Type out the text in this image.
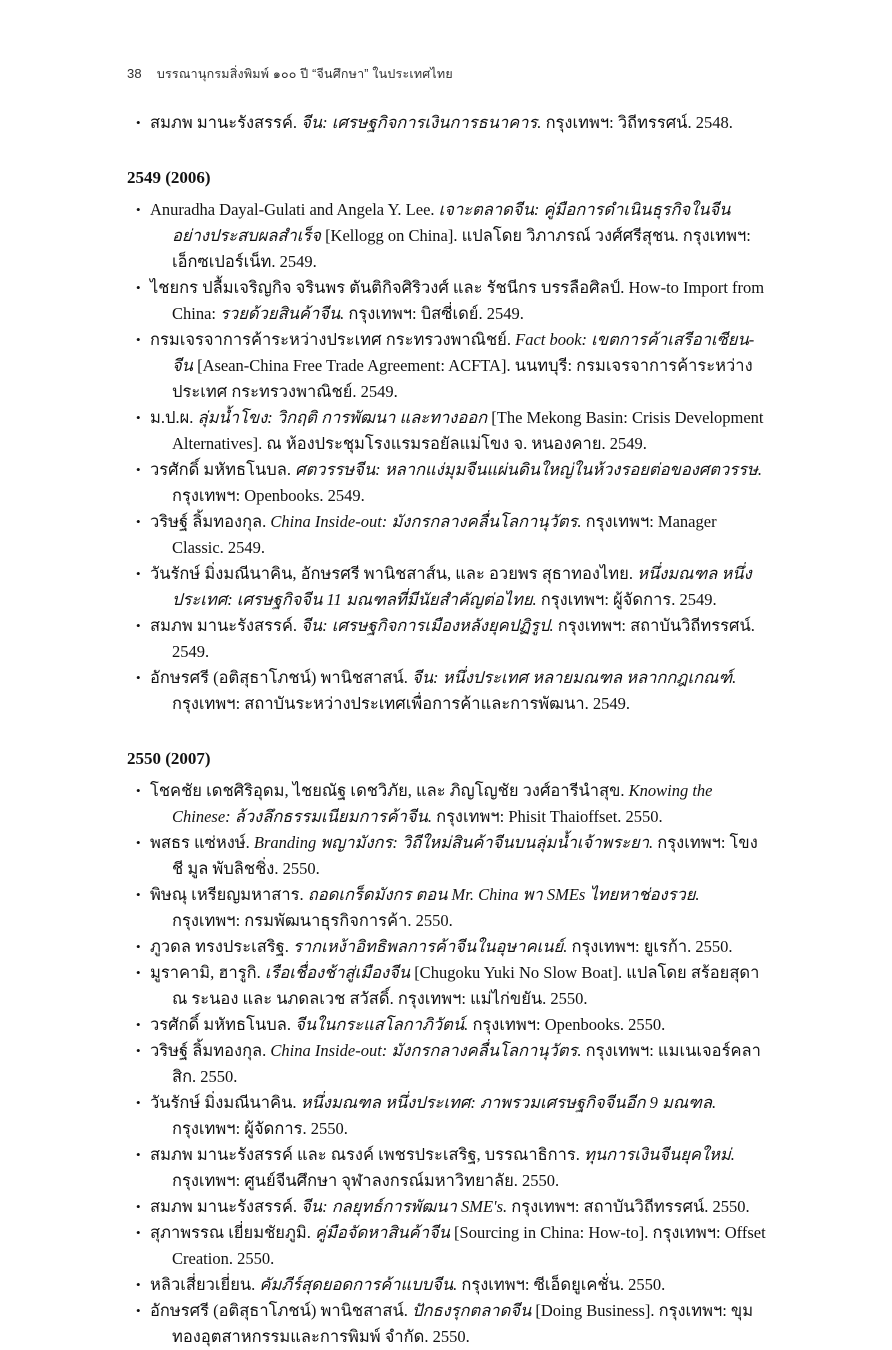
38 บรรณานุกรมสิ่งพิมพ์ ๑๐๐ ปี “จีนศึกษา” ในประเทศไทย
• สมภพ มานะรังสรรค์. จีน: เศรษฐกิจการเงินการธนาคาร. กรุงเทพฯ: วิถีทรรศน์. 2548.
2549 (2006)
• Anuradha Dayal-Gulati and Angela Y. Lee. เจาะตลาดจีน: คู่มือการดำเนินธุรกิจในจีนอย่างประสบผลสำเร็จ [Kellogg on China]. แปลโดย วิภาภรณ์ วงศ์ศรีสุชน. กรุงเทพฯ: เอ็กซเปอร์เน็ท. 2549.
• ไชยกร ปลื้มเจริญกิจ จรินพร ตันติกิจศิริวงศ์ และ รัชนีกร บรรลือศิลป์. How-to Import from China: รวยด้วยสินค้าจีน. กรุงเทพฯ: บิสซี่เดย์. 2549.
• กรมเจรจาการค้าระหว่างประเทศ กระทรวงพาณิชย์. Fact book: เขตการค้าเสรีอาเซียน-จีน [Asean-China Free Trade Agreement: ACFTA]. นนทบุรี: กรมเจรจาการค้าระหว่างประเทศ กระทรวงพาณิชย์. 2549.
• ม.ป.ผ. ลุ่มน้ำโขง: วิกฤติ การพัฒนา และทางออก [The Mekong Basin: Crisis Development Alternatives]. ณ ห้องประชุมโรงแรมรอยัลแม่โขง จ. หนองคาย. 2549.
• วรศักดิ์ มหัทธโนบล. ศตวรรษจีน: หลากแง่มุมจีนแผ่นดินใหญ่ในห้วงรอยต่อของศตวรรษ. กรุงเทพฯ: Openbooks. 2549.
• วริษฐ์ ลิ้มทองกุล. China Inside-out: มังกรกลางคลื่นโลกานุวัตร. กรุงเทพฯ: Manager Classic. 2549.
• วันรักษ์ มิ่งมณีนาคิน, อักษรศรี พานิชสาส์น, และ อวยพร สุธาทองไทย. หนึ่งมณฑล หนึ่งประเทศ: เศรษฐกิจจีน 11 มณฑลที่มีนัยสำคัญต่อไทย. กรุงเทพฯ: ผู้จัดการ. 2549.
• สมภพ มานะรังสรรค์. จีน: เศรษฐกิจการเมืองหลังยุคปฏิรูป. กรุงเทพฯ: สถาบันวิถีทรรศน์. 2549.
• อักษรศรี (อติสุธาโภชน์) พานิชสาสน์. จีน: หนึ่งประเทศ หลายมณฑล หลากกฎเกณฑ์. กรุงเทพฯ: สถาบันระหว่างประเทศเพื่อการค้าและการพัฒนา. 2549.
2550 (2007)
• โชคชัย เดชศิริอุดม, ไชยณัฐ เดชวิภัย, และ ภิญโญชัย วงศ์อารีนำสุข. Knowing the Chinese: ล้วงลึกธรรมเนียมการค้าจีน. กรุงเทพฯ: Phisit Thaioffset. 2550.
• พสธร แซ่หงษ์. Branding พญามังกร: วิถีใหม่สินค้าจีนบนลุ่มน้ำเจ้าพระยา. กรุงเทพฯ: โขง ชี มูล พับลิชชิ่ง. 2550.
• พิษณุ เหรียญมหาสาร. ถอดเกร็ดมังกร ตอน Mr. China พา SMEs ไทยหาช่องรวย. กรุงเทพฯ: กรมพัฒนาธุรกิจการค้า. 2550.
• ภูวดล ทรงประเสริฐ. รากเหง้าอิทธิพลการค้าจีนในอุษาคเนย์. กรุงเทพฯ: ยูเรก้า. 2550.
• มูราคามิ, ฮารูกิ. เรือเชื่องช้าสู่เมืองจีน [Chugoku Yuki No Slow Boat]. แปลโดย สร้อยสุดา ณ ระนอง และ นภดลเวช สวัสดิ์. กรุงเทพฯ: แม่ไก่ขยัน. 2550.
• วรศักดิ์ มหัทธโนบล. จีนในกระแสโลกาภิวัตน์. กรุงเทพฯ: Openbooks. 2550.
• วริษฐ์ ลิ้มทองกุล. China Inside-out: มังกรกลางคลื่นโลกานุวัตร. กรุงเทพฯ: แมเนเจอร์คลาสิก. 2550.
• วันรักษ์ มิ่งมณีนาคิน. หนึ่งมณฑล หนึ่งประเทศ: ภาพรวมเศรษฐกิจจีนอีก 9 มณฑล. กรุงเทพฯ: ผู้จัดการ. 2550.
• สมภพ มานะรังสรรค์ และ ณรงค์ เพชรประเสริฐ, บรรณาธิการ. ทุนการเงินจีนยุคใหม่. กรุงเทพฯ: ศูนย์จีนศึกษา จุฬาลงกรณ์มหาวิทยาลัย. 2550.
• สมภพ มานะรังสรรค์. จีน: กลยุทธ์การพัฒนา SME's. กรุงเทพฯ: สถาบันวิถีทรรศน์. 2550.
• สุภาพรรณ เยี่ยมชัยภูมิ. คู่มือจัดหาสินค้าจีน [Sourcing in China: How-to]. กรุงเทพฯ: Offset Creation. 2550.
• หลิวเสี่ยวเยี่ยน. คัมภีร์สุดยอดการค้าแบบจีน. กรุงเทพฯ: ซีเอ็ดยูเคชั่น. 2550.
• อักษรศรี (อติสุธาโภชน์) พานิชสาสน์. ปักธงรุกตลาดจีน [Doing Business]. กรุงเทพฯ: ขุมทองอุตสาหกรรมและการพิมพ์ จำกัด. 2550.
